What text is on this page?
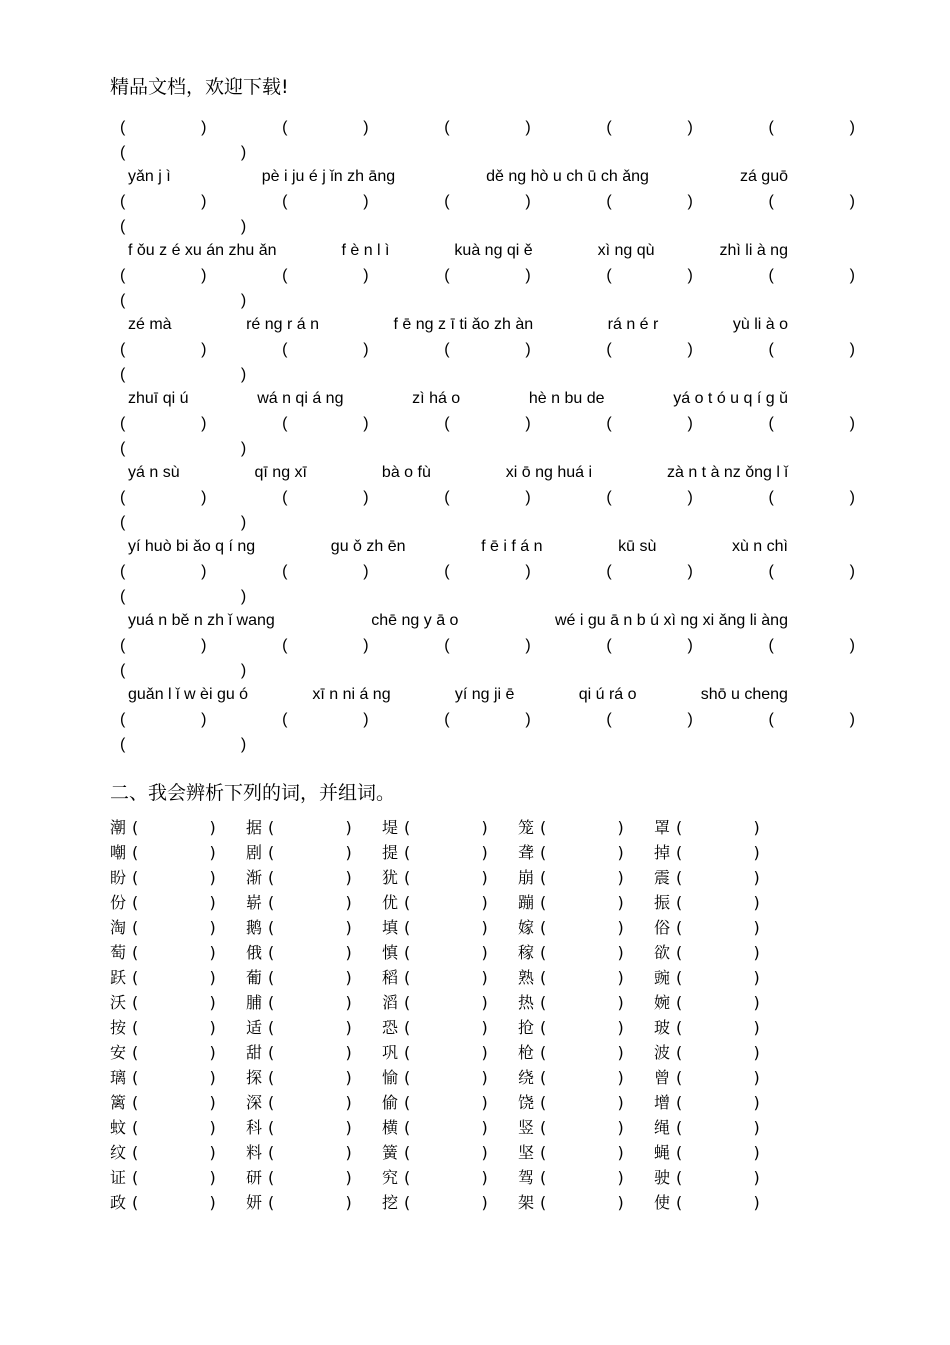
精品文档，欢迎下载!
(	)	(	)	(	)	(	)	(	)
(                          )
yǎn j ì	pè i ju é j ǐn zh āng	dě ng hò u ch ū ch ǎng	zá guō
(	)	(	)	(	)	(	)	(	)
(                          )
f ǒu z é xu án zhu ǎn	f è n l ì	kuà ng qi ě	xì ng qù	zhì li à ng
(	)	(	)	(	)	(	)	(	)
(                          )
zé mà	ré ng r á n	f ē ng z ī ti ǎo zh àn	rá n é r	yù li à o
(	)	(	)	(	)	(	)	(	)
(                          )
zhuī qi ú	wá n qi á ng	zì há o	hè n bu de	yá o t ó u q í g ǔ
(	)	(	)	(	)	(	)	(	)
(                          )
yá n sù	qī ng xī	bà o fù	xi ō ng huá i	zà n t à nz ǒng l ǐ
(	)	(	)	(	)	(	)	(	)
(                          )
yí huò bi ǎo q í ng	gu ǒ zh ēn	f ē i f á n	kū sù	xù n chì
(	)	(	)	(	)	(	)	(	)
(                          )
yuá n bě n zh ǐ wang	chē ng y ā o	wé i gu ā n b ú xì ng xi ǎng li àng
(	)	(	)	(	)	(	)	(	)
(                          )
guǎn l ǐ w èi gu ó	xī n ni á ng	yí ng ji ē	qi ú rá o	shō u cheng
(	)	(	)	(	)	(	)	(	)
(                          )
二、我会辨析下列的词，并组词。
潮 (              ) 据 (              ) 堤 (              ) 笼 (              ) 罩 (              )
嘲 (              ) 剧 (              ) 提 (              ) 聋 (              ) 掉 (              )
盼 (              ) 渐 (              ) 犹 (              ) 崩 (              ) 震 (              )
份 (              ) 崭 (              ) 优 (              ) 蹦 (              ) 振 (              )
淘 (              ) 鹅 (              ) 填 (              ) 嫁 (              ) 俗 (              )
萄 (              ) 俄 (              ) 慎 (              ) 稼 (              ) 欲 (              )
跃 (              ) 葡 (              ) 稻 (              ) 熟 (              ) 豌 (              )
沃 (              ) 脯 (              ) 滔 (              ) 热 (              ) 婉 (              )
按 (              ) 适 (              ) 恐 (              ) 抢 (              ) 玻 (              )
安 (              ) 甜 (              ) 巩 (              ) 枪 (              ) 波 (              )
璃 (              ) 探 (              ) 愉 (              ) 绕 (              ) 曾 (              )
篱 (              ) 深 (              ) 偷 (              ) 饶 (              ) 增 (              )
蚊 (              ) 科 (              ) 横 (              ) 竖 (              ) 绳 (              )
纹 (              ) 料 (              ) 簧 (              ) 坚 (              ) 蝇 (              )
证 (              ) 研 (              ) 究 (              ) 驾 (              ) 驶 (              )
政 (              ) 妍 (              ) 挖 (              ) 架 (              ) 使 (              )
